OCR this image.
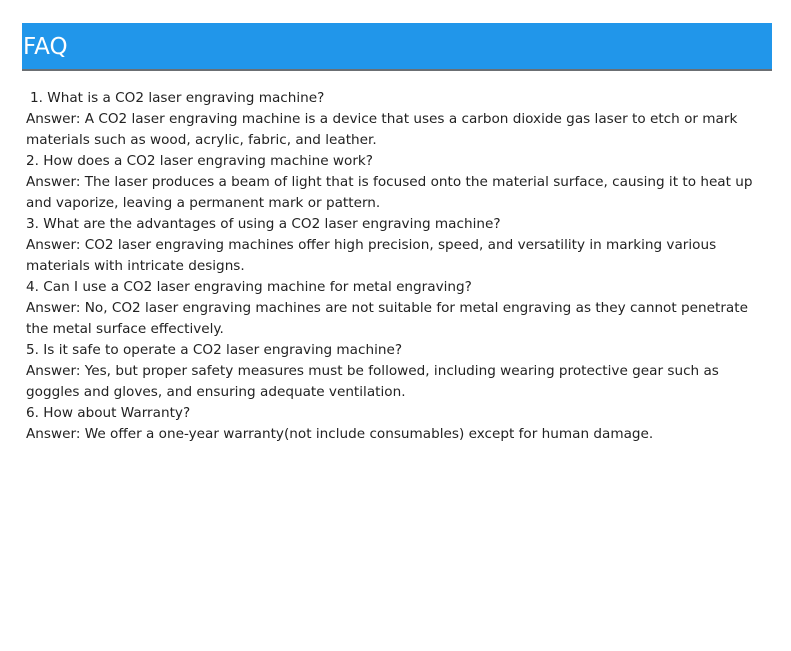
FAQ

1. What is a CO2 laser engraving machine?

Answer: A CO2 laser engraving machine is a device that uses a carbon dioxide gas laser to etch or mark materials such as wood, acrylic, fabric, and leather.

2. How does a CO2 laser engraving machine work?

Answer: The laser produces a beam of light that is focused onto the material surface, causing it to heat up and vaporize, leaving a permanent mark or pattern.

3. What are the advantages of using a CO2 laser engraving machine?

Answer: CO2 laser engraving machines offer high precision, speed, and versatility in marking various materials with intricate designs.

4. Can I use a CO2 laser engraving machine for metal engraving?

Answer: No, CO2 laser engraving machines are not suitable for metal engraving as they cannot penetrate the metal surface effectively.

5. Is it safe to operate a CO2 laser engraving machine?

Answer: Yes, but proper safety measures must be followed, including wearing protective gear such as goggles and gloves, and ensuring adequate ventilation.

6. How about Warranty?

Answer: We offer a one-year warranty(not include consumables) except for human damage.
